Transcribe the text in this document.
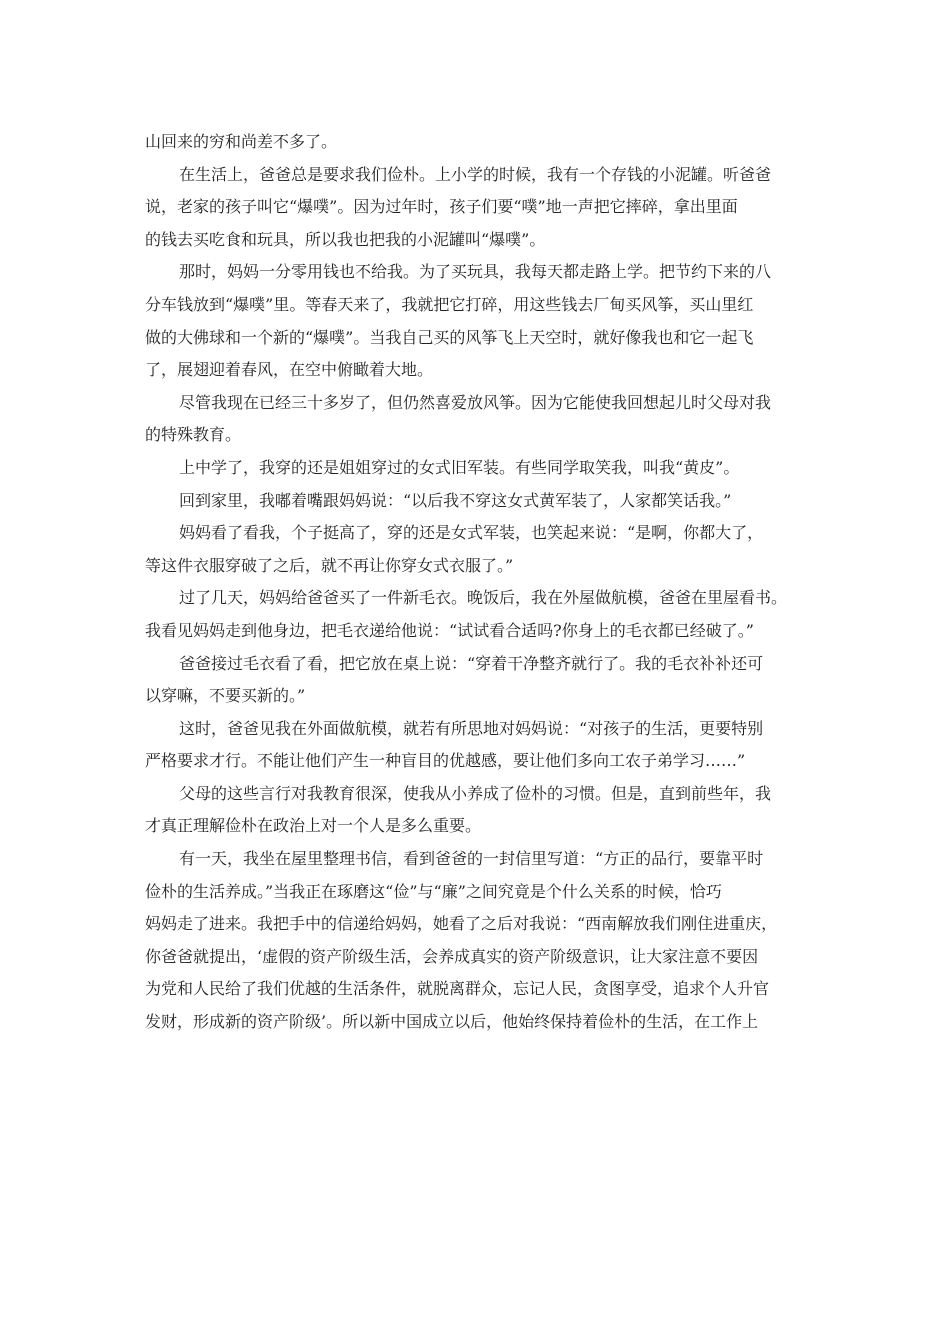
山回来的穷和尚差不多了。
在生活上，爸爸总是要求我们俭朴。上小学的时候，我有一个存钱的小泥罐。听爸爸
说，老家的孩子叫它“爆噗”。因为过年时，孩子们要“噗”地一声把它摔碎，拿出里面
的钱去买吃食和玩具，所以我也把我的小泥罐叫“爆噗”。
那时，妈妈一分零用钱也不给我。为了买玩具，我每天都走路上学。把节约下来的八
分车钱放到“爆噗”里。等春天来了，我就把它打碎，用这些钱去厂甸买风筝，买山里红
做的大佛球和一个新的“爆噗”。当我自己买的风筝飞上天空时，就好像我也和它一起飞
了，展翅迎着春风，在空中俯瞰着大地。
尽管我现在已经三十多岁了，但仍然喜爱放风筝。因为它能使我回想起儿时父母对我
的特殊教育。
上中学了，我穿的还是姐姐穿过的女式旧军装。有些同学取笑我，叫我“黄皮”。
回到家里，我嘟着嘴跟妈妈说：“以后我不穿这女式黄军装了，人家都笑话我。”
妈妈看了看我，个子挺高了，穿的还是女式军装，也笑起来说：“是啊，你都大了，
等这件衣服穿破了之后，就不再让你穿女式衣服了。”
过了几天，妈妈给爸爸买了一件新毛衣。晚饭后，我在外屋做航模，爸爸在里屋看书。
我看见妈妈走到他身边，把毛衣递给他说：“试试看合适吗?你身上的毛衣都已经破了。”
爸爸接过毛衣看了看，把它放在桌上说：“穿着干净整齐就行了。我的毛衣补补还可
以穿嘛，不要买新的。”
这时，爸爸见我在外面做航模，就若有所思地对妈妈说：“对孩子的生活，更要特别
严格要求才行。不能让他们产生一种盲目的优越感，要让他们多向工农子弟学习……”
父母的这些言行对我教育很深，使我从小养成了俭朴的习惯。但是，直到前些年，我
才真正理解俭朴在政治上对一个人是多么重要。
有一天，我坐在屋里整理书信，看到爸爸的一封信里写道：“方正的品行，要靠平时
俭朴的生活养成。”当我正在琢磨这“俭”与“廉”之间究竟是个什么关系的时候，恰巧
妈妈走了进来。我把手中的信递给妈妈，她看了之后对我说：“西南解放我们刚住进重庆，
你爸爸就提出，‘虚假的资产阶级生活，会养成真实的资产阶级意识，让大家注意不要因
为党和人民给了我们优越的生活条件，就脱离群众，忘记人民，贪图享受，追求个人升官
发财，形成新的资产阶级’。所以新中国成立以后，他始终保持着俭朴的生活，在工作上
